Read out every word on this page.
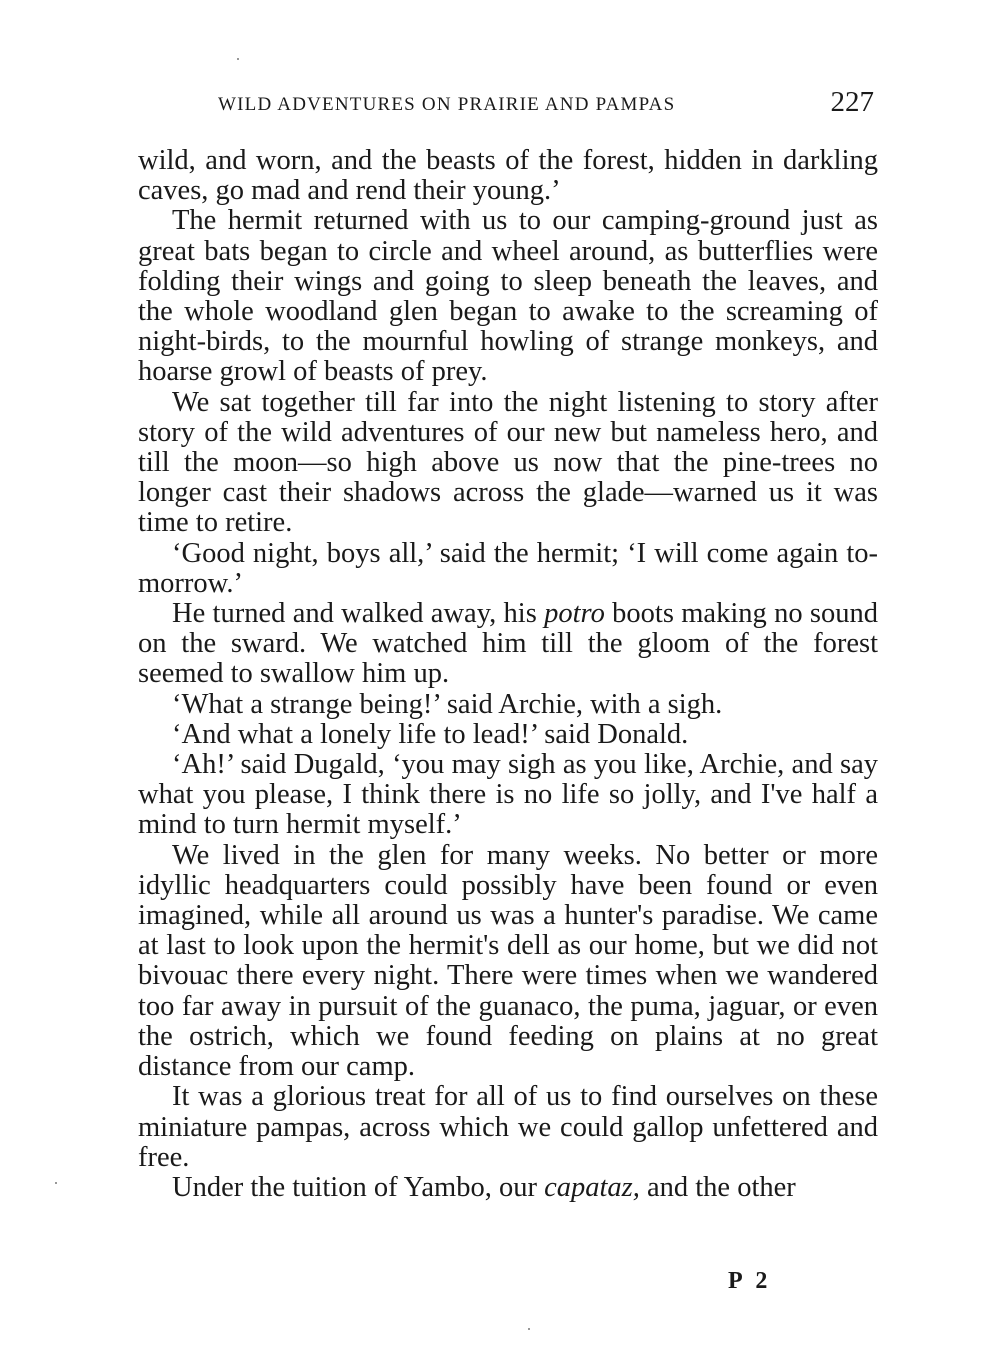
WILD ADVENTURES ON PRAIRIE AND PAMPAS	227

wild, and worn, and the beasts of the forest, hidden in darkling caves, go mad and rend their young.’

The hermit returned with us to our camping-ground just as great bats began to circle and wheel around, as butterflies were folding their wings and going to sleep beneath the leaves, and the whole woodland glen began to awake to the screaming of night-birds, to the mournful howling of strange monkeys, and hoarse growl of beasts of prey.

We sat together till far into the night listening to story after story of the wild adventures of our new but nameless hero, and till the moon—so high above us now that the pine-trees no longer cast their shadows across the glade—warned us it was time to retire.

‘Good night, boys all,’ said the hermit; ‘I will come again to-morrow.’

He turned and walked away, his potro boots making no sound on the sward. We watched him till the gloom of the forest seemed to swallow him up.

‘What a strange being!’ said Archie, with a sigh.

‘And what a lonely life to lead!’ said Donald.

‘Ah!’ said Dugald, ‘you may sigh as you like, Archie, and say what you please, I think there is no life so jolly, and I've half a mind to turn hermit myself.’

We lived in the glen for many weeks. No better or more idyllic headquarters could possibly have been found or even imagined, while all around us was a hunter's paradise. We came at last to look upon the hermit's dell as our home, but we did not bivouac there every night. There were times when we wandered too far away in pursuit of the guanaco, the puma, jaguar, or even the ostrich, which we found feeding on plains at no great distance from our camp.

It was a glorious treat for all of us to find ourselves on these miniature pampas, across which we could gallop unfettered and free.

Under the tuition of Yambo, our capataz, and the other

P 2
